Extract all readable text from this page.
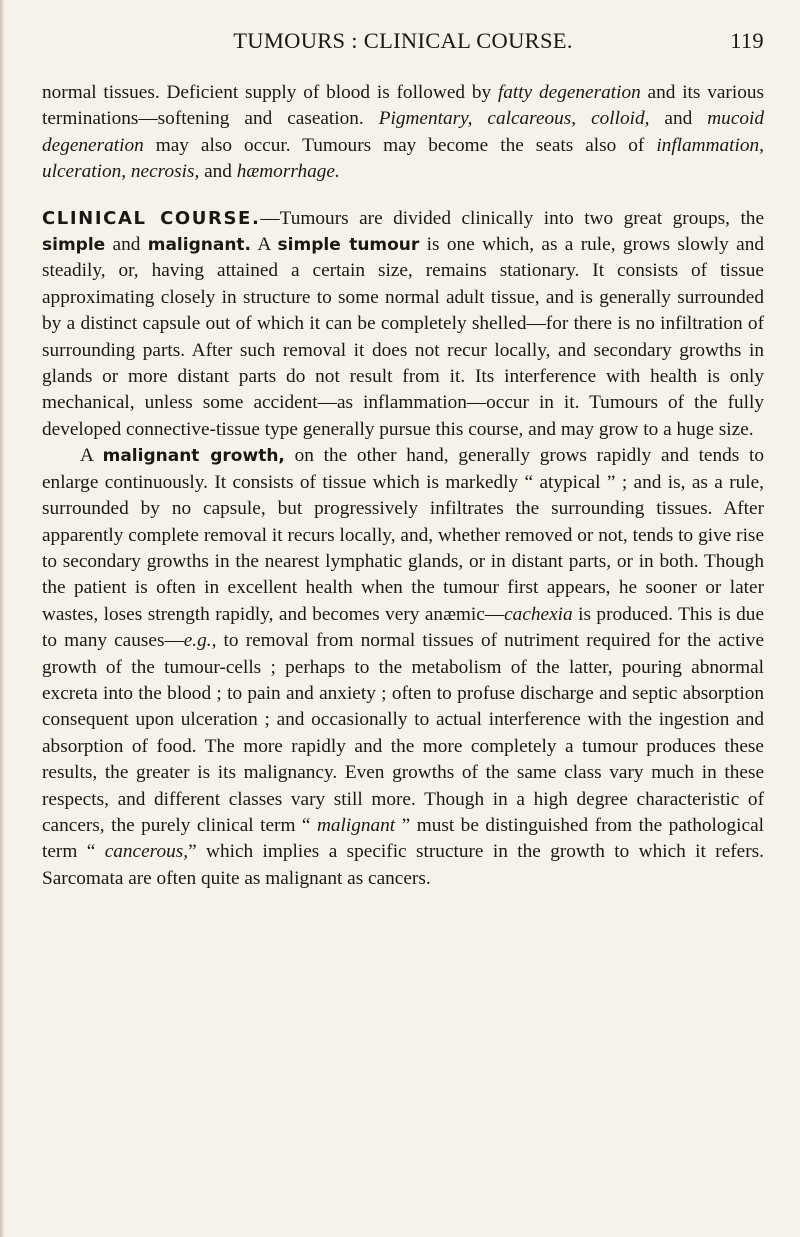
TUMOURS : CLINICAL COURSE.	119

normal tissues. Deficient supply of blood is followed by fatty degeneration and its various terminations—softening and caseation. Pigmentary, calcareous, colloid, and mucoid degeneration may also occur. Tumours may become the seats also of inflammation, ulceration, necrosis, and hæmorrhage.

CLINICAL COURSE.—Tumours are divided clinically into two great groups, the simple and malignant. A simple tumour is one which, as a rule, grows slowly and steadily, or, having attained a certain size, remains stationary. It consists of tissue approximating closely in structure to some normal adult tissue, and is generally surrounded by a distinct capsule out of which it can be completely shelled—for there is no infiltration of surrounding parts. After such removal it does not recur locally, and secondary growths in glands or more distant parts do not result from it. Its interference with health is only mechanical, unless some accident—as inflammation—occur in it. Tumours of the fully developed connective-tissue type generally pursue this course, and may grow to a huge size.

A malignant growth, on the other hand, generally grows rapidly and tends to enlarge continuously. It consists of tissue which is markedly “ atypical ” ; and is, as a rule, surrounded by no capsule, but progressively infiltrates the surrounding tissues. After apparently complete removal it recurs locally, and, whether removed or not, tends to give rise to secondary growths in the nearest lymphatic glands, or in distant parts, or in both. Though the patient is often in excellent health when the tumour first appears, he sooner or later wastes, loses strength rapidly, and becomes very anæmic—cachexia is produced. This is due to many causes—e.g., to removal from normal tissues of nutriment required for the active growth of the tumour-cells ; perhaps to the metabolism of the latter, pouring abnormal excreta into the blood ; to pain and anxiety ; often to profuse discharge and septic absorption consequent upon ulceration ; and occasionally to actual interference with the ingestion and absorption of food. The more rapidly and the more completely a tumour produces these results, the greater is its malignancy. Even growths of the same class vary much in these respects, and different classes vary still more. Though in a high degree characteristic of cancers, the purely clinical term “ malignant ” must be distinguished from the pathological term “ cancerous,” which implies a specific structure in the growth to which it refers. Sarcomata are often quite as malignant as cancers.
